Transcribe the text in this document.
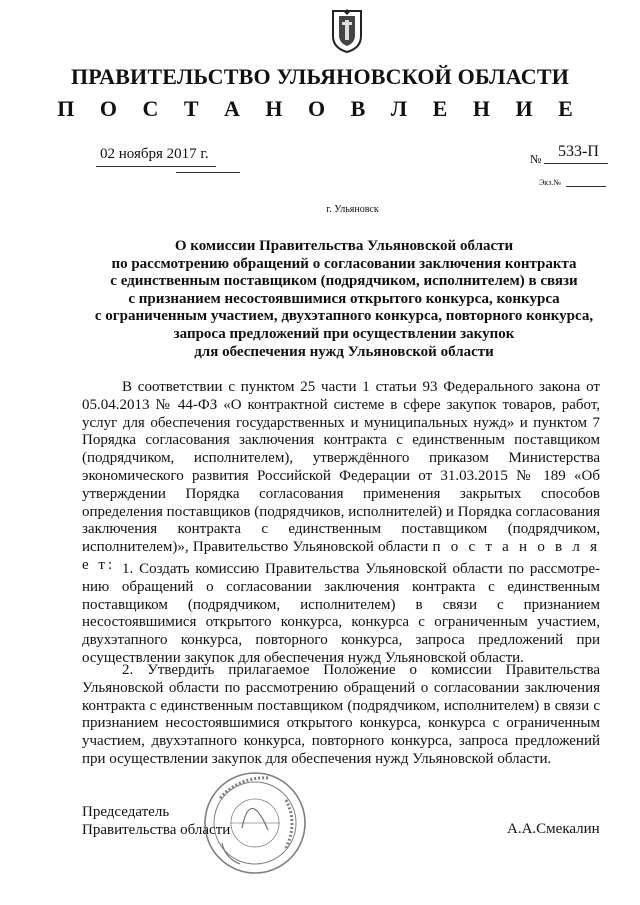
ПРАВИТЕЛЬСТВО УЛЬЯНОВСКОЙ ОБЛАСТИ
П О С Т А Н О В Л Е Н И Е
02 ноября 2017 г.	№ 533-П
Экз.№
г. Ульяновск
О комиссии Правительства Ульяновской области
по рассмотрению обращений о согласовании заключения контракта
с единственным поставщиком (подрядчиком, исполнителем) в связи
с признанием несостоявшимися открытого конкурса, конкурса
с ограниченным участием, двухэтапного конкурса, повторного конкурса,
запроса предложений при осуществлении закупок
для обеспечения нужд Ульяновской области
В соответствии с пунктом 25 части 1 статьи 93 Федерального закона от 05.04.2013 № 44-ФЗ «О контрактной системе в сфере закупок товаров, работ, услуг для обеспечения государственных и муниципальных нужд» и пунктом 7 Порядка согласования заключения контракта с единственным поставщиком (подрядчиком, исполнителем), утверждённого приказом Министерства экономического развития Российской Федерации от 31.03.2015 № 189 «Об утверждении Порядка согласования применения закрытых способов определения поставщиков (подрядчиков, исполнителей) и Порядка согласования заключения контракта с единственным поставщиком (подрядчиком, исполнителем)», Правительство Ульяновской области п о с т а н о в л я е т: 1. Создать комиссию Правительства Ульяновской области по рассмотре-нию обращений о согласовании заключения контракта с единственным поставщиком (подрядчиком, исполнителем) в связи с признанием несостоявшимися открытого конкурса, конкурса с ограниченным участием, двухэтапного конкурса, повторного конкурса, запроса предложений при осуществлении закупок для обеспечения нужд Ульяновской области.
2. Утвердить прилагаемое Положение о комиссии Правительства Ульяновской области по рассмотрению обращений о согласовании заключения контракта с единственным поставщиком (подрядчиком, исполнителем) в связи с признанием несостоявшимися открытого конкурса, конкурса с ограниченным участием, двухэтапного конкурса, повторного конкурса, запроса предложений при осуществлении закупок для обеспечения нужд Ульяновской области.
Председатель
Правительства области	А.А.Смекалин
